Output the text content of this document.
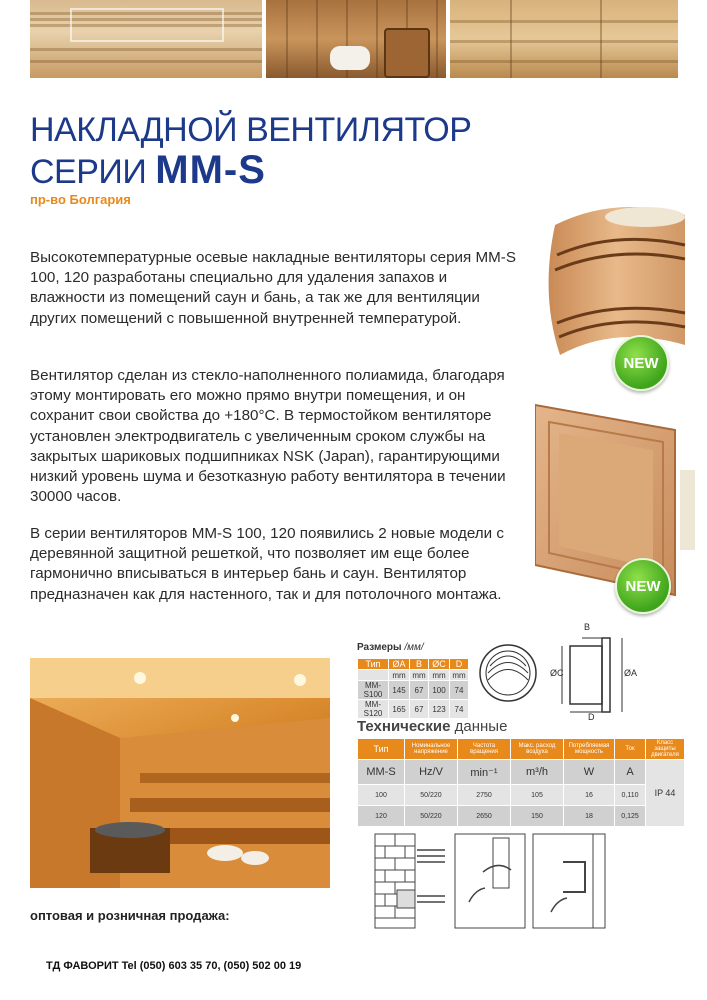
НАКЛАДНОЙ ВЕНТИЛЯТОР
СЕРИИ MM-S
пр-во Болгария
Высокотемпературные осевые накладные вентиляторы серия MM-S 100, 120 разработаны специально для удаления запахов и влажности из помещений саун и бань, а так же для вентиляции других помещений с повышенной внутренней температурой.
Вентилятор сделан из стекло-наполненного полиамида, благодаря этому монтировать его можно прямо внутри помещения, и он сохранит свои свойства до +180°C. В термостойком вентиляторе установлен электродвигатель с увеличенным сроком службы на закрытых шариковых подшипниках NSK (Japan), гарантирующими низкий уровень шума и безотказную работу вентилятора в течении 30000 часов.
В серии вентиляторов MM-S 100, 120 появились 2 новые модели с деревянной защитной решеткой, что позволяет им еще более гармонично вписываться в интерьер бань и саун. Вентилятор предназначен как для настенного, так и для потолочного монтажа.
NEW
NEW
Размеры /мм/
Тип	ØA	B	ØC	D
	mm	mm	mm	mm
MM-S100	145	67	100	74
MM-S120	165	67	123	74
B
ØA
ØC
D
Технические данные
Тип	Номинальное напряжение	Частота вращения	Макс. расход воздуха	Потребляемая мощность	Ток	Класс защиты двигателя
MM-S	Hz/V	min⁻¹	m³/h	W	A	IP 44
100	50/220	2750	105	16	0,110	
120	50/220	2650	150	18	0,125	
оптовая и розничная продажа:
ТД ФАВОРИТ Tel (050) 603 35 70, (050) 502 00 19
